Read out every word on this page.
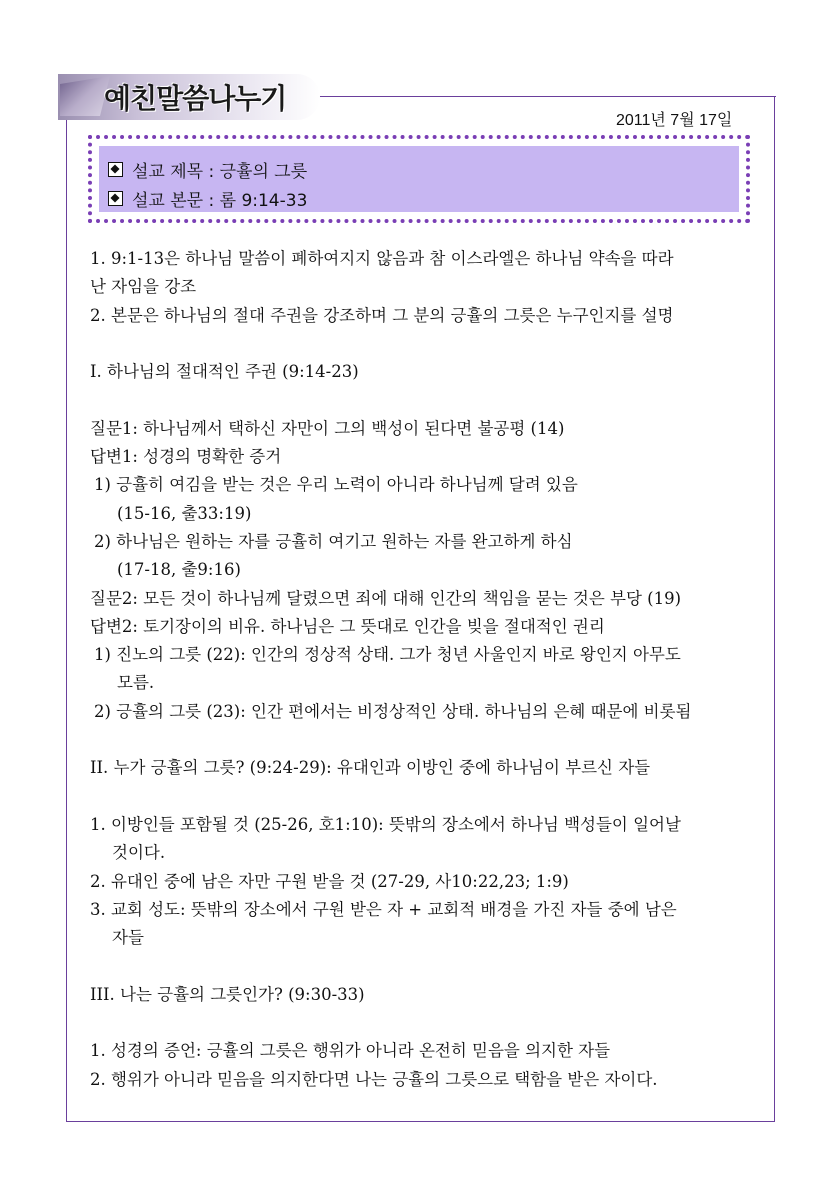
예친말씀나누기
2011년 7월 17일
설교 제목 : 긍휼의 그릇
설교 본문 : 롬 9:14-33
1. 9:1-13은 하나님 말씀이 폐하여지지 않음과 참 이스라엘은 하나님 약속을 따라
난 자임을 강조
2. 본문은 하나님의 절대 주권을 강조하며 그 분의 긍휼의 그릇은 누구인지를 설명
I. 하나님의 절대적인 주권 (9:14-23)
질문1: 하나님께서 택하신 자만이 그의 백성이 된다면 불공평 (14)
답변1: 성경의 명확한 증거
1) 긍휼히 여김을 받는 것은 우리 노력이 아니라 하나님께 달려 있음
(15-16, 출33:19)
2) 하나님은 원하는 자를 긍휼히 여기고 원하는 자를 완고하게 하심
(17-18, 출9:16)
질문2: 모든 것이 하나님께 달렸으면 죄에 대해 인간의 책임을 묻는 것은 부당 (19)
답변2: 토기장이의 비유. 하나님은 그 뜻대로 인간을 빚을 절대적인 권리
1) 진노의 그릇 (22): 인간의 정상적 상태. 그가 청년 사울인지 바로 왕인지 아무도
모름.
2) 긍휼의 그릇 (23): 인간 편에서는 비정상적인 상태. 하나님의 은혜 때문에 비롯됨
II. 누가 긍휼의 그릇? (9:24-29): 유대인과 이방인 중에 하나님이 부르신 자들
1. 이방인들 포함될 것 (25-26, 호1:10): 뜻밖의 장소에서 하나님 백성들이 일어날
것이다.
2. 유대인 중에 남은 자만 구원 받을 것 (27-29, 사10:22,23; 1:9)
3. 교회 성도: 뜻밖의 장소에서 구원 받은 자 + 교회적 배경을 가진 자들 중에 남은
자들
III. 나는 긍휼의 그릇인가? (9:30-33)
1. 성경의 증언: 긍휼의 그릇은 행위가 아니라 온전히 믿음을 의지한 자들
2. 행위가 아니라 믿음을 의지한다면 나는 긍휼의 그릇으로 택함을 받은 자이다.
